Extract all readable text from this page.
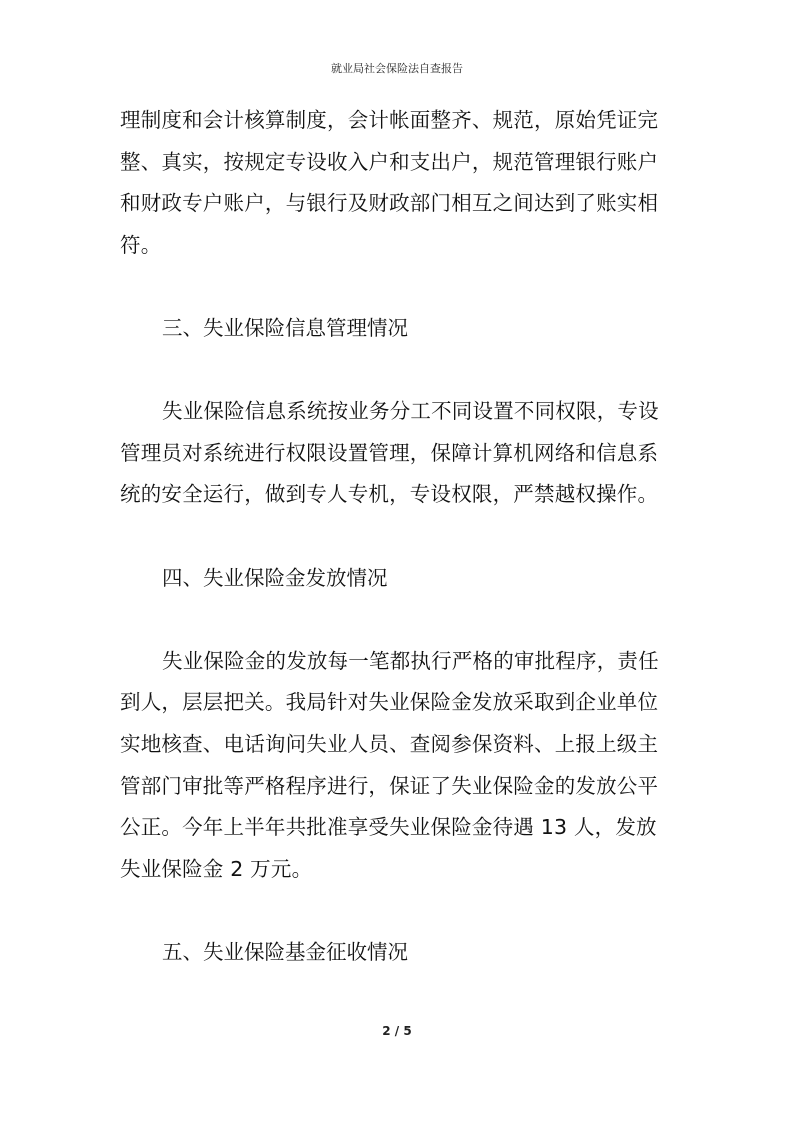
就业局社会保险法自查报告

理制度和会计核算制度，会计帐面整齐、规范，原始凭证完

整、真实，按规定专设收入户和支出户，规范管理银行账户

和财政专户账户，与银行及财政部门相互之间达到了账实相

符。

三、失业保险信息管理情况

失业保险信息系统按业务分工不同设置不同权限，专设

管理员对系统进行权限设置管理，保障计算机网络和信息系

统的安全运行，做到专人专机，专设权限，严禁越权操作。

四、失业保险金发放情况

失业保险金的发放每一笔都执行严格的审批程序，责任

到人，层层把关。我局针对失业保险金发放采取到企业单位

实地核查、电话询问失业人员、查阅参保资料、上报上级主

管部门审批等严格程序进行，保证了失业保险金的发放公平

公正。今年上半年共批准享受失业保险金待遇 13 人，发放

失业保险金 2 万元。

五、失业保险基金征收情况

2 / 5
